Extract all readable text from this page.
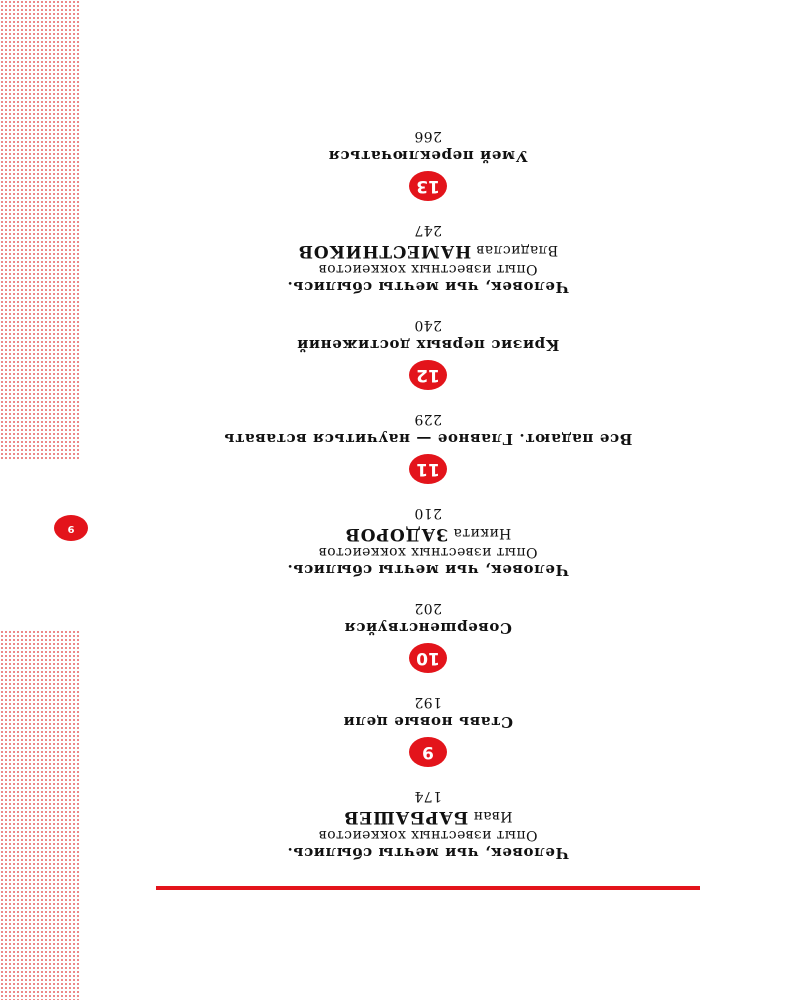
9
Человек, чьи мечты сбылись.
Опыт известных хоккеистов
Иван БАРБАШЕВ
174
9
Ставь новые цели
192
10
Совершенствуйся
202
Человек, чьи мечты сбылись.
Опыт известных хоккеистов
Никита ЗАДОРОВ
210
11
Все падают. Главное — научиться вставать
229
12
Кризис первых достижений
240
Человек, чьи мечты сбылись.
Опыт известных хоккеистов
Владислав НАМЕСТНИКОВ
247
13
Умей переключаться
266
